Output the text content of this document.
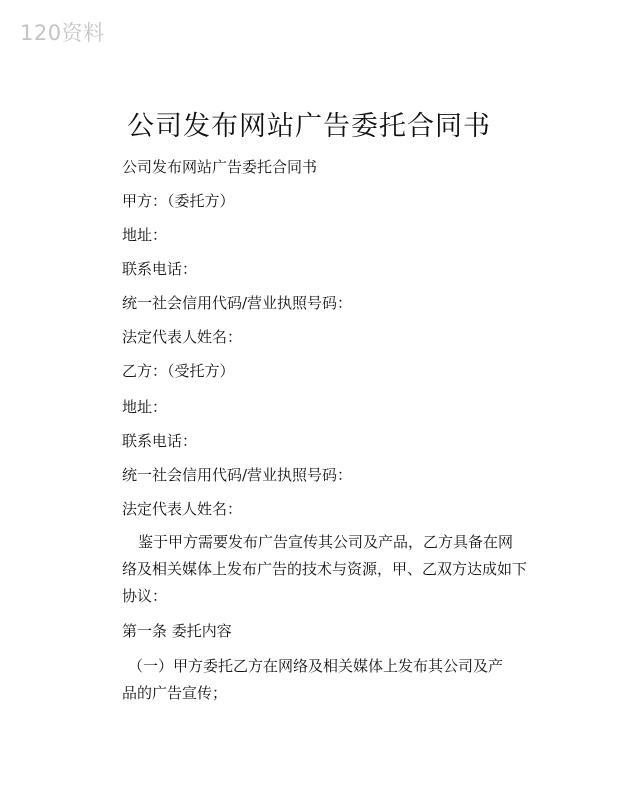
120资料
公司发布网站广告委托合同书
公司发布网站广告委托合同书
甲方：（委托方）
地址：
联系电话：
统一社会信用代码/营业执照号码：
法定代表人姓名：
乙方：（受托方）
地址：
联系电话：
统一社会信用代码/营业执照号码：
法定代表人姓名：
鉴于甲方需要发布广告宣传其公司及产品，乙方具备在网
络及相关媒体上发布广告的技术与资源，甲、乙双方达成如下
协议：
第一条 委托内容
（一）甲方委托乙方在网络及相关媒体上发布其公司及产
品的广告宣传；
